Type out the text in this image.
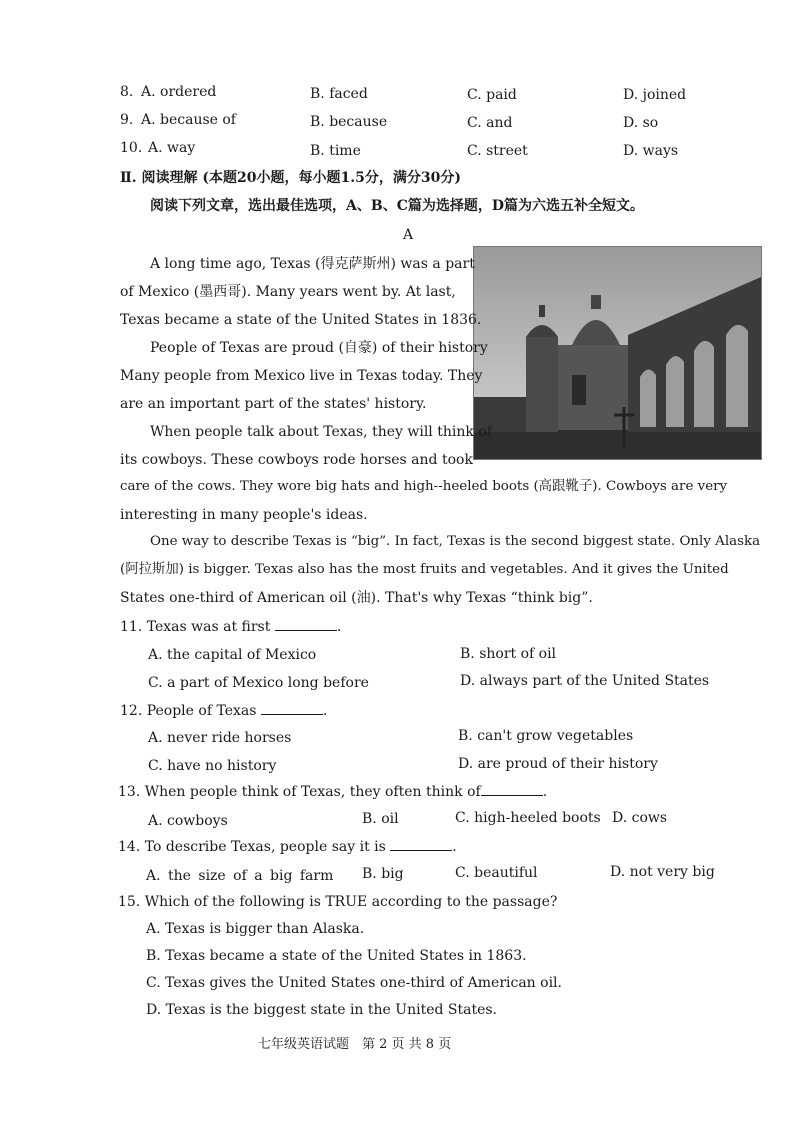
8. A. ordered	B. faced	C. paid	D. joined
9. A. because of	B. because	C. and	D. so
10. A. way	B. time	C. street	D. ways
Ⅱ. 阅读理解 (本题20小题，每小题1.5分，满分30分)
阅读下列文章，选出最佳选项，A、B、C篇为选择题，D篇为六选五补全短文。
A
A long time ago, Texas (得克萨斯州) was a part
of Mexico (墨西哥). Many years went by. At last,
Texas became a state of the United States in 1836.
People of Texas are proud (自豪) of their history
Many people from Mexico live in Texas today. They
are an important part of the states' history.
When people talk about Texas, they will think of
its cowboys. These cowboys rode horses and took
care of the cows. They wore big hats and high--heeled boots (高跟靴子). Cowboys are very
interesting in many people's ideas.
One way to describe Texas is “big”. In fact, Texas is the second biggest state. Only Alaska
(阿拉斯加) is bigger. Texas also has the most fruits and vegetables. And it gives the United
States one-third of American oil (油). That's why Texas “think big”.
11. Texas was at first	.
A. the capital of Mexico	B. short of oil
C. a part of Mexico long before	D. always part of the United States
12. People of Texas	.
A. never ride horses	B. can't grow vegetables
C. have no history	D. are proud of their history
13. When people think of Texas, they often think of	.
A. cowboys	B. oil	C. high-heeled boots D. cows
14. To describe Texas, people say it is	.
A. the size of a big farm B. big	C. beautiful	D. not very big
15. Which of the following is TRUE according to the passage?
A. Texas is bigger than Alaska.
B. Texas became a state of the United States in 1863.
C. Texas gives the United States one-third of American oil.
D. Texas is the biggest state in the United States.
七年级英语试题　第 2 页 共 8 页
